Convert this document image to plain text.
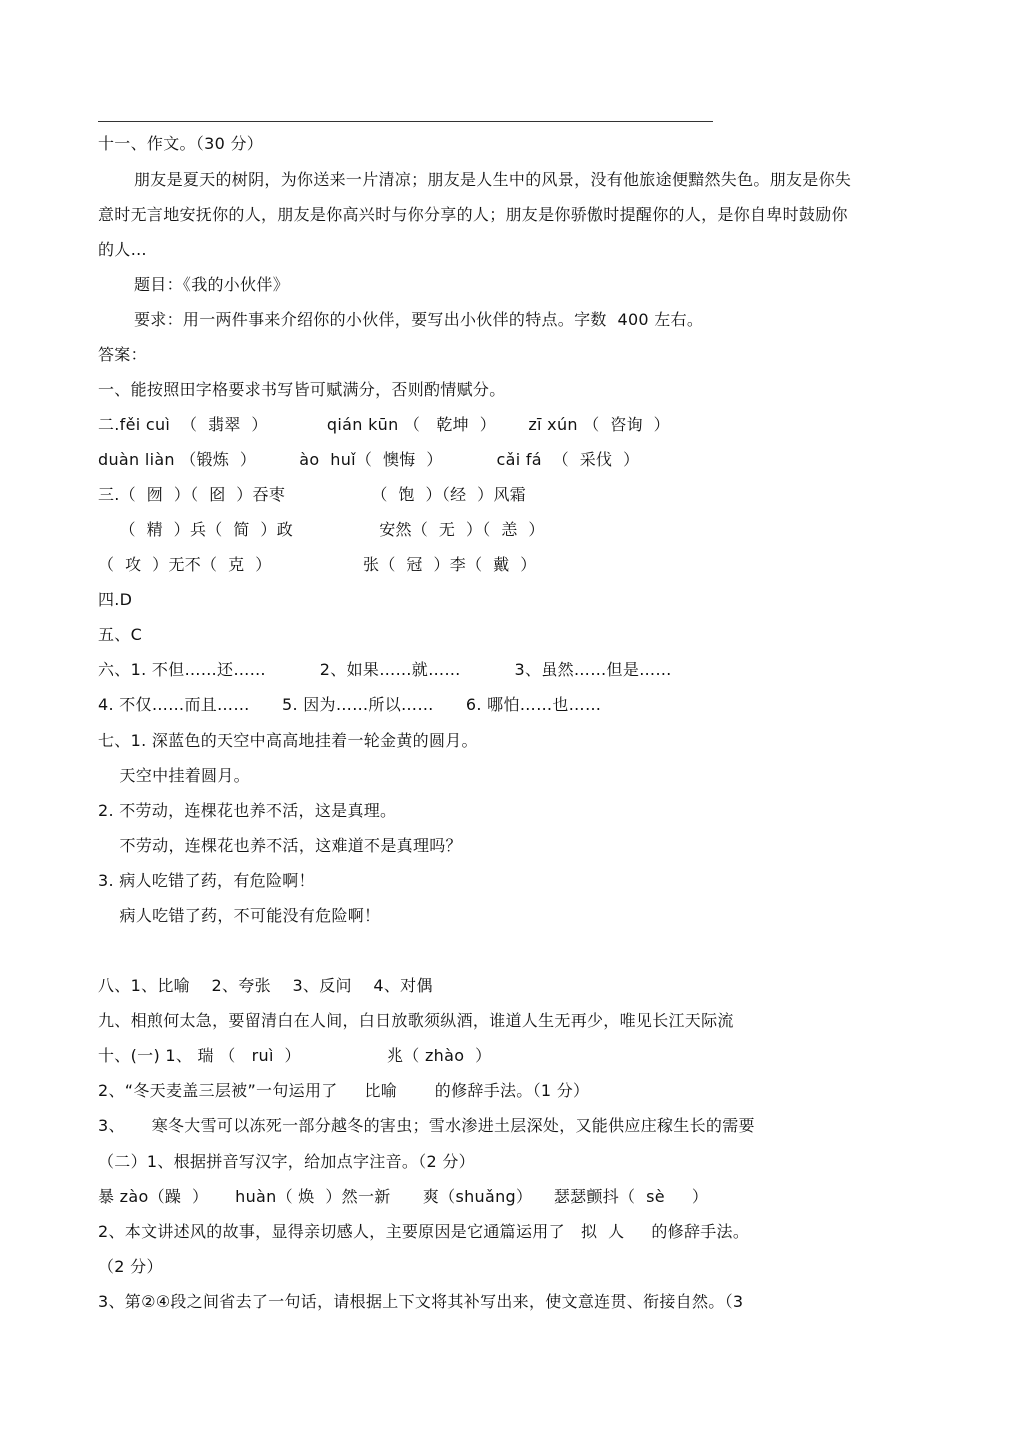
十一、作文。（30 分）
朋友是夏天的树阴，为你送来一片清凉；朋友是人生中的风景，没有他旅途便黯然失色。朋友是你失
意时无言地安抚你的人，朋友是你高兴时与你分享的人；朋友是你骄傲时提醒你的人，是你自卑时鼓励你
的人…
题目：《我的小伙伴》
要求：用一两件事来介绍你的小伙伴，要写出小伙伴的特点。字数  400 左右。
答案：
一、能按照田字格要求书写皆可赋满分，否则酌情赋分。
二.fěi cuì  （  翡翠  ）           qián kūn （   乾坤  ）      zī xún （  咨询  ）
duàn liàn （锻炼  ）        ào  huǐ（  懊悔  ）          cǎi fá  （  采伐  ）
三.（  囫  ）（  囵  ）吞枣                （  饱  ）（经  ）风霜
（  精  ）兵（  简  ）政                安然（  无  ）（  恙  ）
（  攻  ）无不（  克  ）                 张（  冠  ）李（  戴  ）
四.D
五、C
六、1. 不但……还……          2、如果……就……          3、虽然……但是……
4. 不仅……而且……      5. 因为……所以……      6. 哪怕……也……
七、1. 深蓝色的天空中高高地挂着一轮金黄的圆月。
天空中挂着圆月。
2. 不劳动，连棵花也养不活，这是真理。
不劳动，连棵花也养不活，这难道不是真理吗？
3. 病人吃错了药，有危险啊！
病人吃错了药，不可能没有危险啊！
八、1、比喻    2、夸张    3、反问    4、对偶
九、相煎何太急，要留清白在人间，白日放歌须纵酒，谁道人生无再少，唯见长江天际流
十、(一) 1、 瑞 （   ruì  ）                兆（ zhào  ）
2、“冬天麦盖三层被”一句运用了     比喻       的修辞手法。（1 分）
3、     寒冬大雪可以冻死一部分越冬的害虫；雪水渗进土层深处，又能供应庄稼生长的需要
（二）1、根据拼音写汉字，给加点字注音。（2 分）
暴 zào（躁  ）     huàn（ 焕  ）然一新      爽（shuǎng）    瑟瑟颤抖（  sè     ）
2、本文讲述风的故事，显得亲切感人，主要原因是它通篇运用了   拟  人     的修辞手法。
（2 分）
3、第②④段之间省去了一句话，请根据上下文将其补写出来，使文意连贯、衔接自然。（3
